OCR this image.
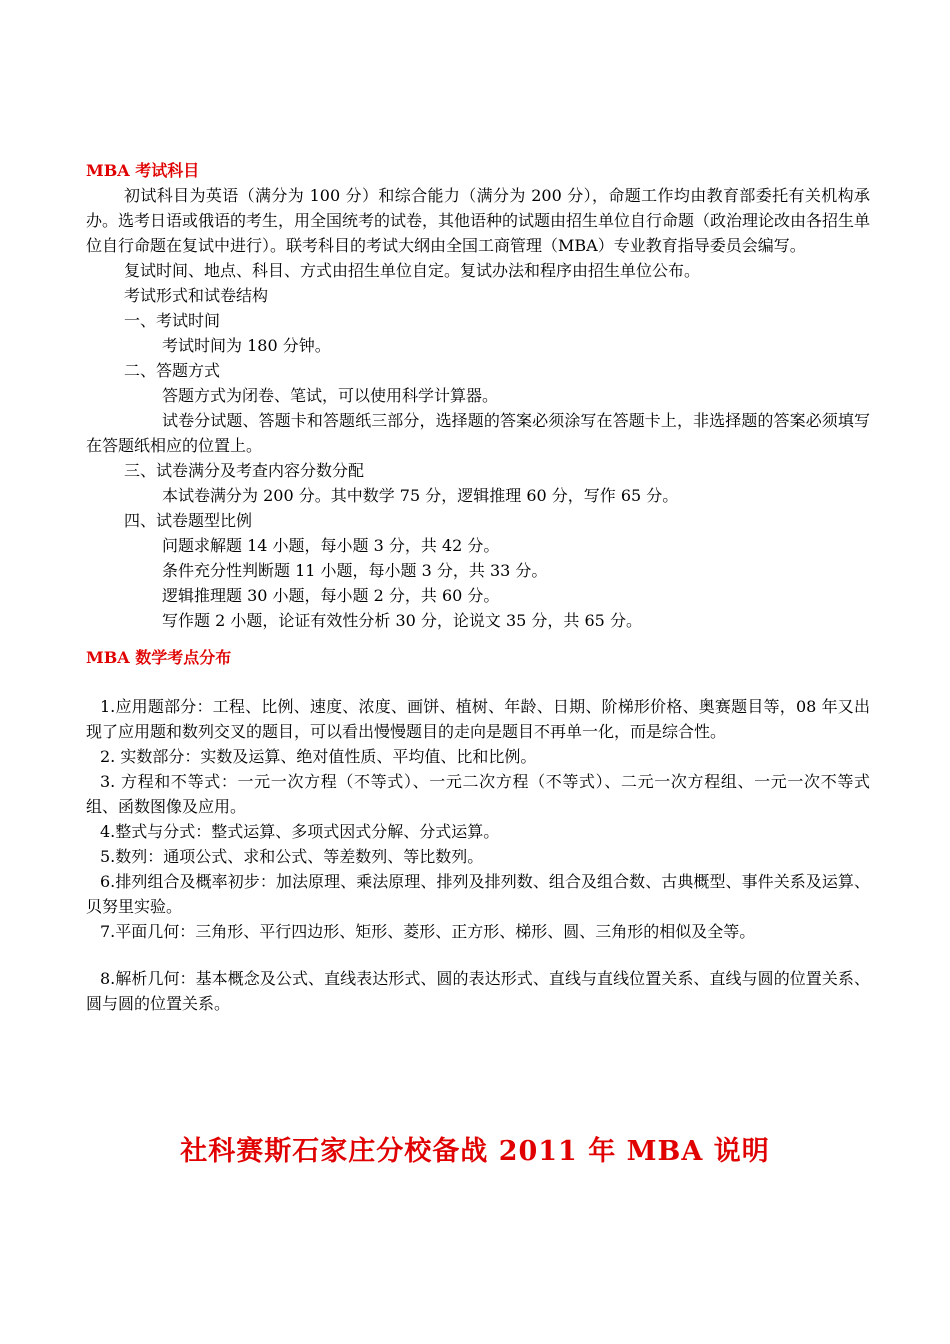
MBA 考试科目
初试科目为英语（满分为 100 分）和综合能力（满分为 200 分），命题工作均由教育部委托有关机构承办。选考日语或俄语的考生，用全国统考的试卷，其他语种的试题由招生单位自行命题（政治理论改由各招生单位自行命题在复试中进行）。联考科目的考试大纲由全国工商管理（MBA）专业教育指导委员会编写。
复试时间、地点、科目、方式由招生单位自定。复试办法和程序由招生单位公布。
考试形式和试卷结构
一、考试时间
考试时间为 180 分钟。
二、答题方式
答题方式为闭卷、笔试，可以使用科学计算器。
试卷分试题、答题卡和答题纸三部分，选择题的答案必须涂写在答题卡上，非选择题的答案必须填写在答题纸相应的位置上。
三、试卷满分及考查内容分数分配
本试卷满分为 200 分。其中数学 75 分，逻辑推理 60 分，写作 65 分。
四、试卷题型比例
问题求解题 14 小题，每小题 3 分，共 42 分。
条件充分性判断题 11 小题，每小题 3 分，共 33 分。
逻辑推理题 30 小题，每小题 2 分，共 60 分。
写作题 2 小题，论证有效性分析 30 分，论说文 35 分，共 65 分。
MBA 数学考点分布
1.应用题部分：工程、比例、速度、浓度、画饼、植树、年龄、日期、阶梯形价格、奥赛题目等，08 年又出现了应用题和数列交叉的题目，可以看出慢慢题目的走向是题目不再单一化，而是综合性。
2. 实数部分：实数及运算、绝对值性质、平均值、比和比例。
3. 方程和不等式：一元一次方程（不等式）、一元二次方程（不等式）、二元一次方程组、一元一次不等式组、函数图像及应用。
4.整式与分式：整式运算、多项式因式分解、分式运算。
5.数列：通项公式、求和公式、等差数列、等比数列。
6.排列组合及概率初步：加法原理、乘法原理、排列及排列数、组合及组合数、古典概型、事件关系及运算、贝努里实验。
7.平面几何：三角形、平行四边形、矩形、菱形、正方形、梯形、圆、三角形的相似及全等。
8.解析几何：基本概念及公式、直线表达形式、圆的表达形式、直线与直线位置关系、直线与圆的位置关系、圆与圆的位置关系。
社科赛斯石家庄分校备战 2011 年 MBA 说明
